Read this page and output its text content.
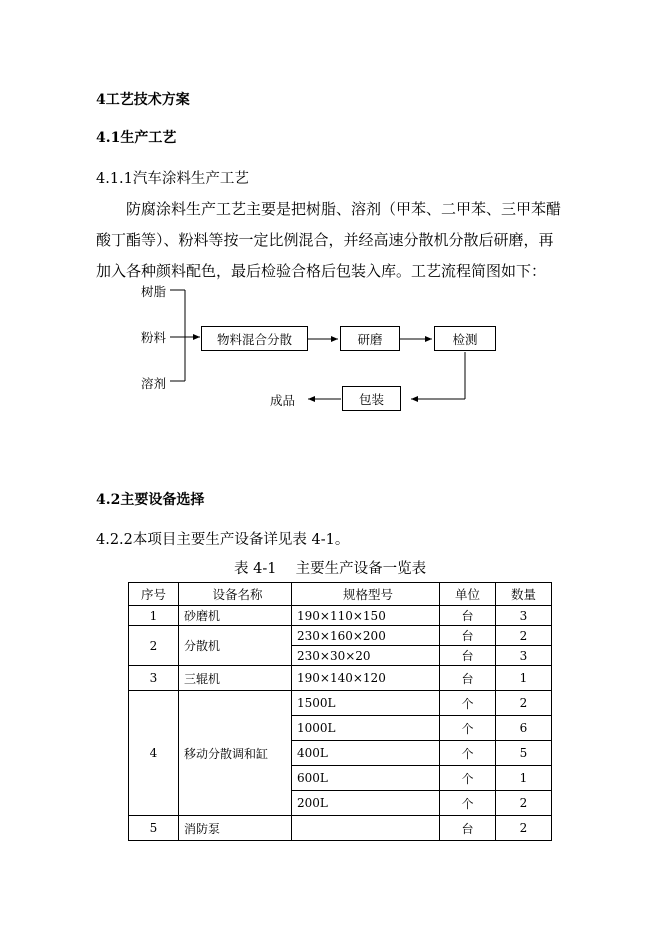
4工艺技术方案
4.1生产工艺
4.1.1汽车涂料生产工艺
防腐涂料生产工艺主要是把树脂、溶剂（甲苯、二甲苯、三甲苯醋
酸丁酯等）、粉料等按一定比例混合，并经高速分散机分散后研磨，再
加入各种颜料配色，最后检验合格后包装入库。工艺流程简图如下：
树脂
粉料
溶剂
物料混合分散	研磨	检测
包装
成品
4.2主要设备选择
4.2.2本项目主要生产设备详见表 4-1。
表 4-1　 主要生产设备一览表
序号	设备名称	规格型号	单位	数量
1	砂磨机	190×110×150	台	3
2	分散机	230×160×200	台	2
		230×30×20	台	3
3	三辊机	190×140×120	台	1
4	移动分散调和缸	1500L	个	2
		1000L	个	6
		400L	个	5
		600L	个	1
		200L	个	2
5	消防泵		台	2
